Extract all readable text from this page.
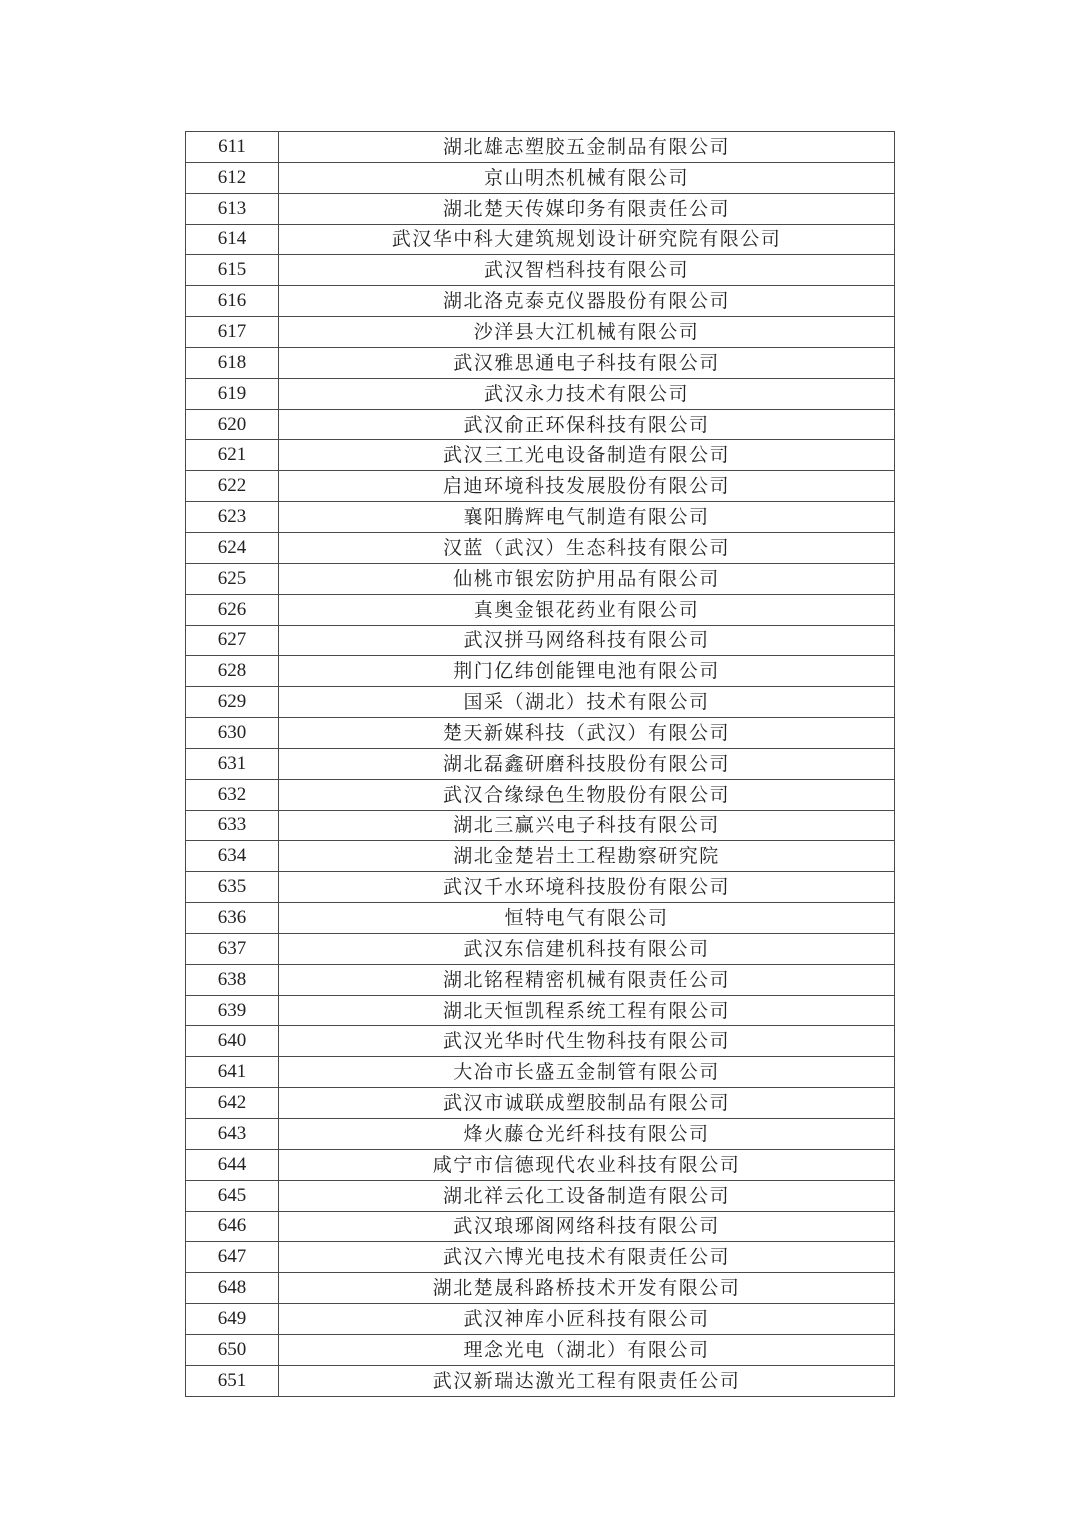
611	湖北雄志塑胶五金制品有限公司
612	京山明杰机械有限公司
613	湖北楚天传媒印务有限责任公司
614	武汉华中科大建筑规划设计研究院有限公司
615	武汉智档科技有限公司
616	湖北洛克泰克仪器股份有限公司
617	沙洋县大江机械有限公司
618	武汉雅思通电子科技有限公司
619	武汉永力技术有限公司
620	武汉俞正环保科技有限公司
621	武汉三工光电设备制造有限公司
622	启迪环境科技发展股份有限公司
623	襄阳腾辉电气制造有限公司
624	汉蓝（武汉）生态科技有限公司
625	仙桃市银宏防护用品有限公司
626	真奥金银花药业有限公司
627	武汉拼马网络科技有限公司
628	荆门亿纬创能锂电池有限公司
629	国采（湖北）技术有限公司
630	楚天新媒科技（武汉）有限公司
631	湖北磊鑫研磨科技股份有限公司
632	武汉合缘绿色生物股份有限公司
633	湖北三赢兴电子科技有限公司
634	湖北金楚岩土工程勘察研究院
635	武汉千水环境科技股份有限公司
636	恒特电气有限公司
637	武汉东信建机科技有限公司
638	湖北铭程精密机械有限责任公司
639	湖北天恒凯程系统工程有限公司
640	武汉光华时代生物科技有限公司
641	大冶市长盛五金制管有限公司
642	武汉市诚联成塑胶制品有限公司
643	烽火藤仓光纤科技有限公司
644	咸宁市信德现代农业科技有限公司
645	湖北祥云化工设备制造有限公司
646	武汉琅琊阁网络科技有限公司
647	武汉六博光电技术有限责任公司
648	湖北楚晟科路桥技术开发有限公司
649	武汉神库小匠科技有限公司
650	理念光电（湖北）有限公司
651	武汉新瑞达激光工程有限责任公司
